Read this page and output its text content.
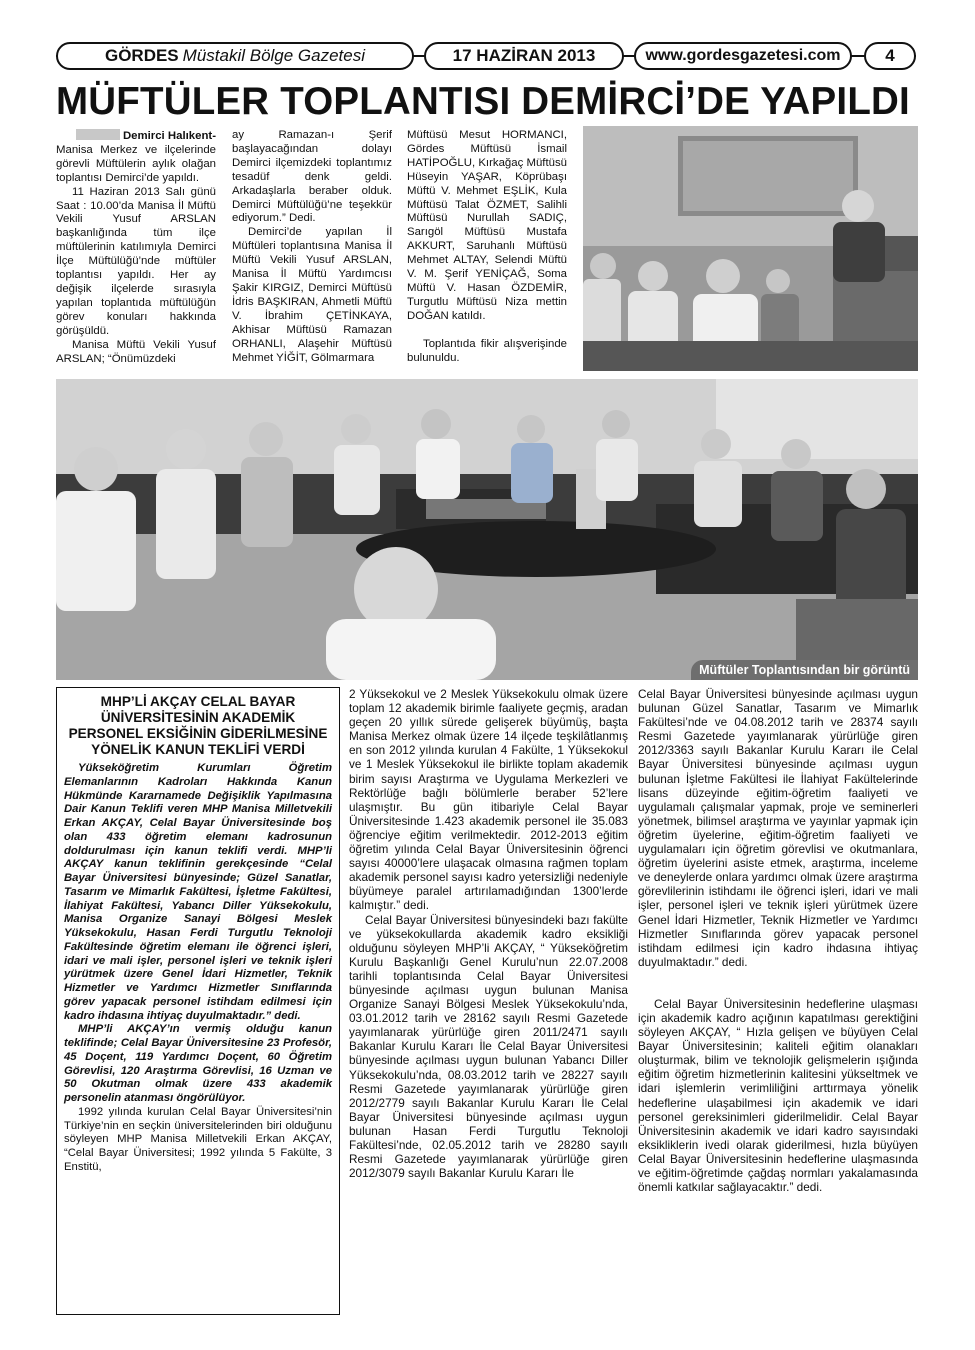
GÖRDES Müstakil Bölge Gazetesi	17 HAZİRAN 2013	www.gordesgazetesi.com	4
MÜFTÜLER TOPLANTISI DEMİRCİ’DE YAPILDI

Demirci Halıkent-

Manisa Merkez ve ilçelerinde görevli Müftülerin aylık olağan toplantısı Demirci’de yapıldı.

11 Haziran 2013 Salı günü Saat : 10.00’da Manisa İl Müftü Vekili Yusuf ARSLAN başkanlığında tüm ilçe müftülerinin katılımıyla Demirci İlçe Müftülüğü’nde müftüler toplantısı yapıldı. Her ay değişik ilçelerde sırasıyla yapılan toplantıda müftülüğün görev konuları hakkında görüşüldü.

Manisa Müftü Vekili Yusuf ARSLAN; “Önümüzdeki

ay Ramazan-ı Şerif başlayacağından dolayı Demirci ilçemizdeki toplantımız tesadüf denk geldi. Arkadaşlarla beraber olduk. Demirci Müftülüğü’ne teşekkür ediyorum.” Dedi.

Demirci’de yapılan İl Müftüleri toplantısına Manisa İl Müftü Vekili Yusuf ARSLAN, Manisa İl Müftü Yardımcısı Şakir KIRGIZ, Demirci Müftüsü İdris BAŞKIRAN, Ahmetli Müftü V. İbrahim ÇETİNKAYA, Akhisar Müftüsü Ramazan ORHANLI, Alaşehir Müftüsü Mehmet YİĞİT, Gölmarmara

Müftüsü Mesut HORMANCI, Gördes Müftüsü İsmail HATİPOĞLU, Kırkağaç Müftüsü Hüseyin YAŞAR, Köprübaşı Müftü V. Mehmet EŞLİK, Kula Müftüsü Talat ÖZMET, Salihli Müftüsü Nurullah SADIÇ, Sarıgöl Müftüsü Mustafa AKKURT, Saruhanlı Müftüsü Mehmet ALTAY, Selendi Müftü V. M. Şerif YENİÇAĞ, Soma Müftü V. Hasan ÖZDEMİR, Turgutlu Müftüsü Niza mettin DOĞAN katıldı.

Toplantıda fikir alışverişinde bulunuldu.

Müftüler Toplantısından bir görüntü
MHP’Lİ AKÇAY CELAL BAYAR ÜNİVERSİTESİNİN AKADEMİK PERSONEL EKSİĞİNİN GİDERİLMESİNE YÖNELİK KANUN TEKLİFİ VERDİ

Yükseköğretim Kurumları Öğretim Elemanlarının Kadroları Hakkında Kanun Hükmünde Kararnamede Değişiklik Yapılmasına Dair Kanun Teklifi veren MHP Manisa Milletvekili Erkan AKÇAY, Celal Bayar Üniversitesinde boş olan 433 öğretim elemanı kadrosunun doldurulması için kanun teklifi verdi. MHP’li AKÇAY kanun teklifinin gerekçesinde “Celal Bayar Üniversitesi bünyesinde; Güzel Sanatlar, Tasarım ve Mimarlık Fakültesi, İşletme Fakültesi, İlahiyat Fakültesi, Yabancı Diller Yüksekokulu, Manisa Organize Sanayi Bölgesi Meslek Yüksekokulu, Hasan Ferdi Turgutlu Teknoloji Fakültesinde öğretim elemanı ile öğrenci işleri, idari ve mali işler, personel işleri ve teknik işleri yürütmek üzere Genel İdari Hizmetler, Teknik Hizmetler ve Yardımcı Hizmetler Sınıflarında görev yapacak personel istihdam edilmesi için kadro ihdasına ihtiyaç duyulmaktadır.” dedi.

MHP’li AKÇAY’ın vermiş olduğu kanun teklifinde; Celal Bayar Üniversitesine 23 Profesör, 45 Doçent, 119 Yardımcı Doçent, 60 Öğretim Görevlisi, 120 Araştırma Görevlisi, 16 Uzman ve 50 Okutman olmak üzere 433 akademik personelin atanması öngörülüyor.

1992 yılında kurulan Celal Bayar Üniversitesi’nin Türkiye’nin en seçkin üniversitelerinden biri olduğunu söyleyen MHP Manisa Milletvekili Erkan AKÇAY, “Celal Bayar Üniversitesi; 1992 yılında 5 Fakülte, 3 Enstitü,

2 Yüksekokul ve 2 Meslek Yüksekokulu olmak üzere toplam 12 akademik birimle faaliyete geçmiş, aradan geçen 20 yıllık sürede gelişerek büyümüş, başta Manisa Merkez olmak üzere 14 ilçede teşkilâtlanmış en son 2012 yılında kurulan 4 Fakülte, 1 Yüksekokul ve 1 Meslek Yüksekokul ile birlikte toplam akademik birim sayısı Araştırma ve Uygulama Merkezleri ve Rektörlüğe bağlı bölümlerle beraber 52’lere ulaşmıştır. Bu gün itibariyle Celal Bayar Üniversitesinde 1.423 akademik personel ile 35.083 öğrenciye eğitim verilmektedir. 2012-2013 eğitim öğretim yılında Celal Bayar Üniversitesinin öğrenci sayısı 40000’lere ulaşacak olmasına rağmen toplam akademik personel sayısı kadro yetersizliği nedeniyle büyümeye paralel artırılamadığından 1300’lerde kalmıştır.” dedi.

Celal Bayar Üniversitesi bünyesindeki bazı fakülte ve yüksekokullarda akademik kadro eksikliği olduğunu söyleyen MHP’li AKÇAY, “ Yükseköğretim Kurulu Başkanlığı Genel Kurulu’nun 22.07.2008 tarihli toplantısında Celal Bayar Üniversitesi bünyesinde açılması uygun bulunan Manisa Organize Sanayi Bölgesi Meslek Yüksekokulu’nda, 03.01.2012 tarih ve 28162 sayılı Resmi Gazetede yayımlanarak yürürlüğe giren 2011/2471 sayılı Bakanlar Kurulu Kararı İle Celal Bayar Üniversitesi bünyesinde açılması uygun bulunan Yabancı Diller Yüksekokulu’nda, 08.03.2012 tarih ve 28227 sayılı Resmi Gazetede yayımlanarak yürürlüğe giren 2012/2779 sayılı Bakanlar Kurulu Kararı İle Celal Bayar Üniversitesi bünyesinde açılması uygun bulunan Hasan Ferdi Turgutlu Teknoloji Fakültesi’nde, 02.05.2012 tarih ve 28280 sayılı Resmi Gazetede yayımlanarak yürürlüğe giren 2012/3079 sayılı Bakanlar Kurulu Kararı İle

Celal Bayar Üniversitesi bünyesinde açılması uygun bulunan Güzel Sanatlar, Tasarım ve Mimarlık Fakültesi’nde ve 04.08.2012 tarih ve 28374 sayılı Resmi Gazetede yayımlanarak yürürlüğe giren 2012/3363 sayılı Bakanlar Kurulu Kararı ile Celal Bayar Üniversitesi bünyesinde açılması uygun bulunan İşletme Fakültesi ile İlahiyat Fakültelerinde lisans düzeyinde eğitim-öğretim faaliyeti ve uygulamalı çalışmalar yapmak, proje ve seminerleri yönetmek, bilimsel araştırma ve yayınlar yapmak için öğretim üyelerine, eğitim-öğretim faaliyeti ve uygulamaları için öğretim görevlisi ve okutmanlara, öğretim üyelerini asiste etmek, araştırma, inceleme ve deneylerde onlara yardımcı olmak üzere araştırma görevlilerinin istihdamı ile öğrenci işleri, idari ve mali işler, personel işleri ve teknik işleri yürütmek üzere Genel İdari Hizmetler, Teknik Hizmetler ve Yardımcı Hizmetler Sınıflarında görev yapacak personel istihdam edilmesi için kadro ihdasına ihtiyaç duyulmaktadır.” dedi.

Celal Bayar Üniversitesinin hedeflerine ulaşması için akademik kadro açığının kapatılması gerektiğini söyleyen AKÇAY, “ Hızla gelişen ve büyüyen Celal Bayar Üniversitesinin; kaliteli eğitim olanakları oluşturmak, bilim ve teknolojik gelişmelerin ışığında eğitim öğretim hizmetlerinin kalitesini yükseltmek ve idari işlemlerin verimliliğini arttırmaya yönelik hedeflerine ulaşabilmesi için akademik ve idari personel gereksinimleri giderilmelidir. Celal Bayar Üniversitesinin akademik ve idari kadro sayısındaki eksikliklerin ivedi olarak giderilmesi, hızla büyüyen Celal Bayar Üniversitesinin hedeflerine ulaşmasında ve eğitim-öğretimde çağdaş normları yakalamasında önemli katkılar sağlayacaktır.” dedi.
